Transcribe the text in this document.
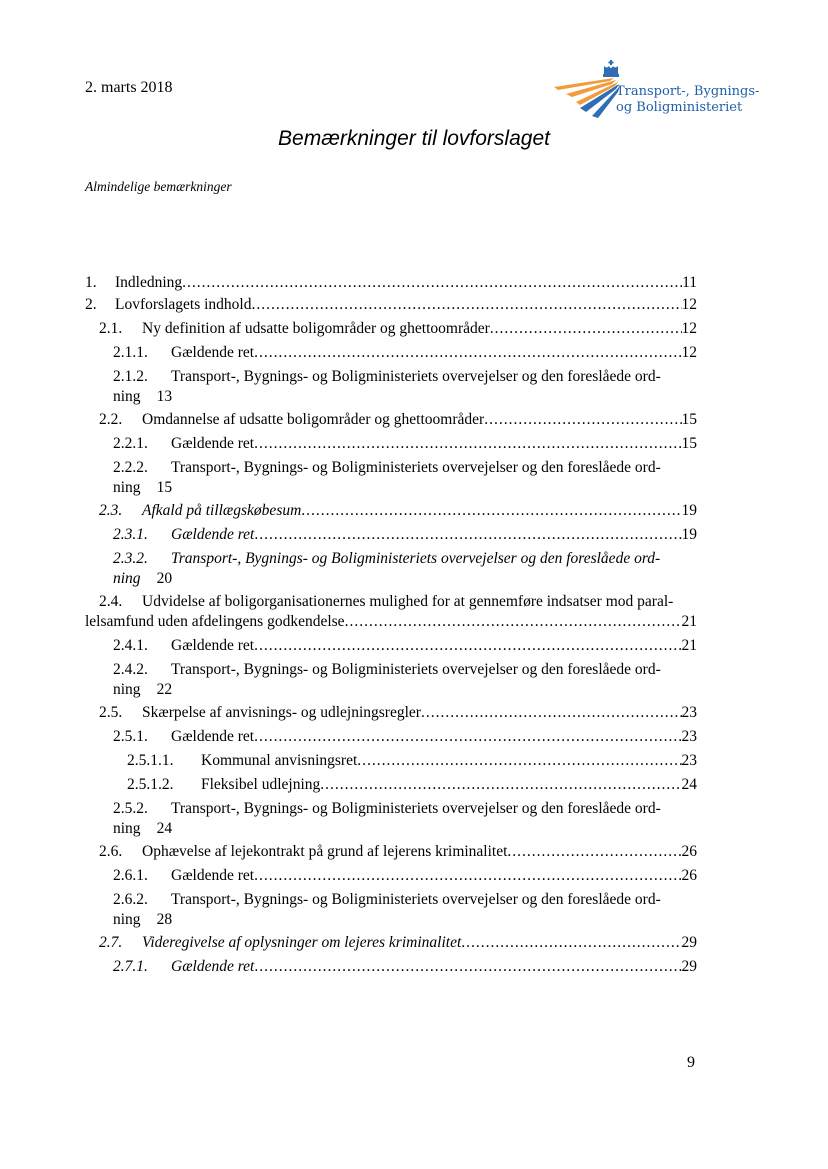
2. marts 2018	Transport-, Bygnings-
og Boligministeriet
Bemærkninger til lovforslaget
Almindelige bemærkninger
1.	Indledning .....	11
2.	Lovforslagets indhold .....	12
2.1.	Ny definition af udsatte boligområder og ghettoområder .....	12
2.1.1.	Gældende ret .....	12
2.1.2.	Transport-, Bygnings- og Boligministeriets overvejelser og den foreslåede ord-
ning 13
2.2.	Omdannelse af udsatte boligområder og ghettoområder .....	15
2.2.1.	Gældende ret .....	15
2.2.2.	Transport-, Bygnings- og Boligministeriets overvejelser og den foreslåede ord-
ning 15
2.3.	Afkald på tillægskøbesum .....	19
2.3.1.	Gældende ret .....	19
2.3.2.	Transport-, Bygnings- og Boligministeriets overvejelser og den foreslåede ord-
ning 20
2.4.	Udvidelse af boligorganisationernes mulighed for at gennemføre indsatser mod paral-
lelsamfund uden afdelingens godkendelse .....	21
2.4.1.	Gældende ret .....	21
2.4.2.	Transport-, Bygnings- og Boligministeriets overvejelser og den foreslåede ord-
ning 22
2.5.	Skærpelse af anvisnings- og udlejningsregler .....	23
2.5.1.	Gældende ret .....	23
2.5.1.1.	Kommunal anvisningsret .....	23
2.5.1.2.	Fleksibel udlejning .....	24
2.5.2.	Transport-, Bygnings- og Boligministeriets overvejelser og den foreslåede ord-
ning 24
2.6.	Ophævelse af lejekontrakt på grund af lejerens kriminalitet .....	26
2.6.1.	Gældende ret .....	26
2.6.2.	Transport-, Bygnings- og Boligministeriets overvejelser og den foreslåede ord-
ning 28
2.7.	Videregivelse af oplysninger om lejeres kriminalitet .....	29
2.7.1.	Gældende ret .....	29
9
